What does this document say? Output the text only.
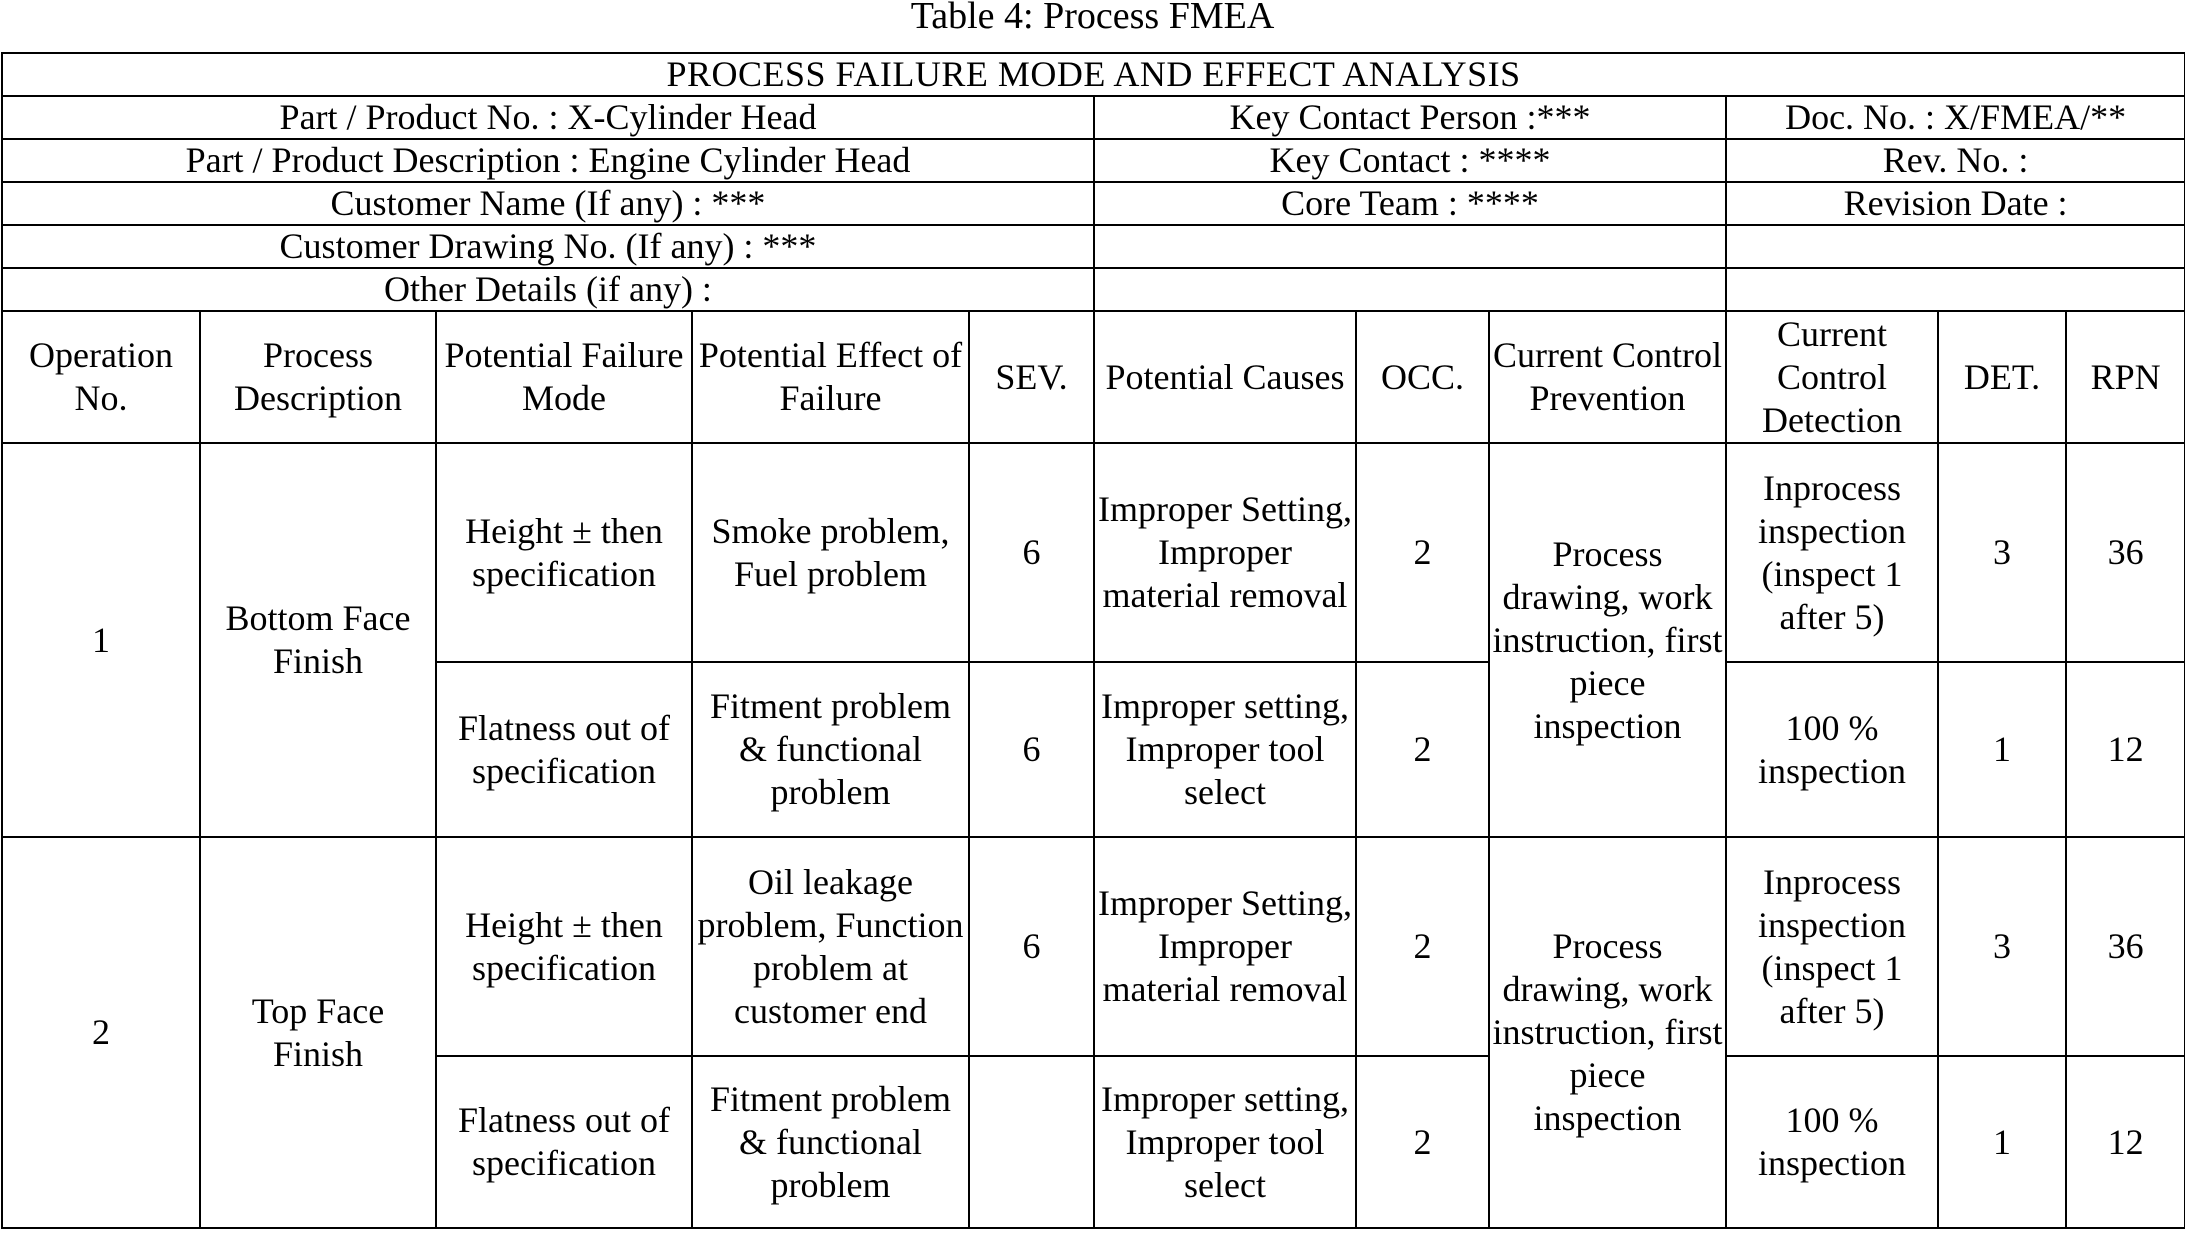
Table 4: Process FMEA
PROCESS FAILURE MODE AND EFFECT ANALYSIS										
Part / Product No. : X-Cylinder Head					Key Contact Person :***			Doc. No. : X/FMEA/**		
Part / Product Description : Engine Cylinder Head					Key Contact : ****			Rev. No. :		
Customer Name (If any) : ***					Core Team : ****			Revision Date :		
Customer Drawing No. (If any) : ***										
Other Details (if any) :										
Operation No.	Process Description	Potential Failure Mode	Potential Effect of Failure	SEV.	Potential Causes	OCC.	Current Control Prevention	Current Control Detection	DET.	RPN
1	Bottom Face Finish	Height ± then specification	Smoke problem, Fuel problem	6	Improper Setting, Improper material removal	2	Process drawing, work instruction, first piece inspection	Inprocess inspection (inspect 1 after 5)	3	36
		Flatness out of specification	Fitment problem & functional problem	6	Improper setting, Improper tool select	2		100 % inspection	1	12
2	Top Face Finish	Height ± then specification	Oil leakage problem, Function problem at customer end	6	Improper Setting, Improper material removal	2	Process drawing, work instruction, first piece inspection	Inprocess inspection (inspect 1 after 5)	3	36
		Flatness out of specification	Fitment problem & functional problem		Improper setting, Improper tool select	2		100 % inspection	1	12
